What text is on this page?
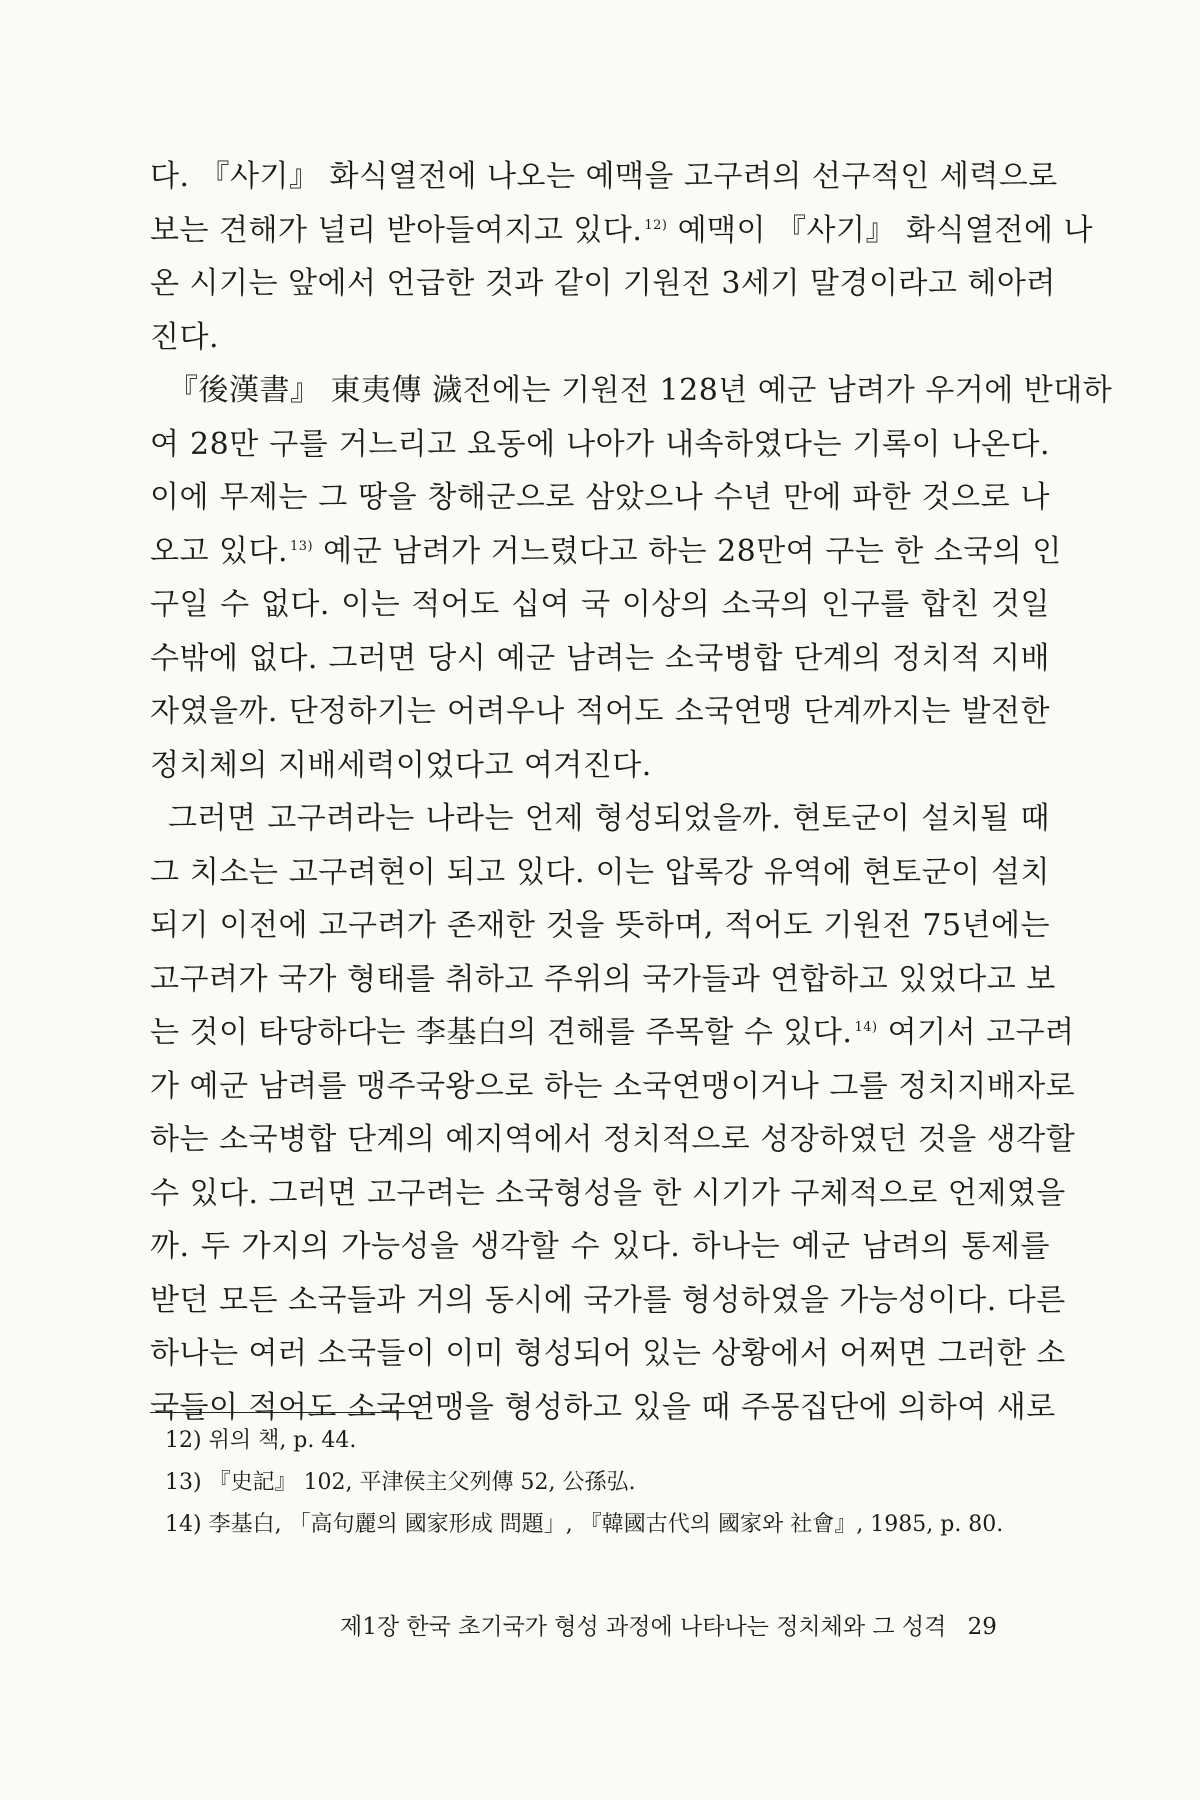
다. 『사기』 화식열전에 나오는 예맥을 고구려의 선구적인 세력으로
보는 견해가 널리 받아들여지고 있다. $^{12)}$ 예맥이 『사기』 화식열전에 나
온 시기는 앞에서 언급한 것과 같이 기원전 3세기 말경이라고 헤아려
진다.
『後漢書』 東夷傳 濊전에는 기원전 128년 예군 남려가 우거에 반대하
여 28만 구를 거느리고 요동에 나아가 내속하였다는 기록이 나온다.
이에 무제는 그 땅을 창해군으로 삼았으나 수년 만에 파한 것으로 나
오고 있다. $^{13)}$ 예군 남려가 거느렸다고 하는 28만여 구는 한 소국의 인
구일 수 없다. 이는 적어도 십여 국 이상의 소국의 인구를 합친 것일
수밖에 없다. 그러면 당시 예군 남려는 소국병합 단계의 정치적 지배
자였을까. 단정하기는 어려우나 적어도 소국연맹 단계까지는 발전한
정치체의 지배세력이었다고 여겨진다.
그러면 고구려라는 나라는 언제 형성되었을까. 현토군이 설치될 때
그 치소는 고구려현이 되고 있다. 이는 압록강 유역에 현토군이 설치
되기 이전에 고구려가 존재한 것을 뜻하며, 적어도 기원전 75년에는
고구려가 국가 형태를 취하고 주위의 국가들과 연합하고 있었다고 보
는 것이 타당하다는 李基白의 견해를 주목할 수 있다. $^{14)}$ 여기서 고구려
가 예군 남려를 맹주국왕으로 하는 소국연맹이거나 그를 정치지배자로
하는 소국병합 단계의 예지역에서 정치적으로 성장하였던 것을 생각할
수 있다. 그러면 고구려는 소국형성을 한 시기가 구체적으로 언제였을
까. 두 가지의 가능성을 생각할 수 있다. 하나는 예군 남려의 통제를
받던 모든 소국들과 거의 동시에 국가를 형성하였을 가능성이다. 다른
하나는 여러 소국들이 이미 형성되어 있는 상황에서 어쩌면 그러한 소
국들이 적어도 소국연맹을 형성하고 있을 때 주몽집단에 의하여 새로
12) 위의 책, p. 44.
13) 『史記』 102, 平津侯主父列傳 52, 公孫弘.
14) 李基白, 「高句麗의 國家形成 問題」, 『韓國古代의 國家와 社會』, 1985, p. 80.
제1장 한국 초기국가 형성 과정에 나타나는 정치체와 그 성격 29
